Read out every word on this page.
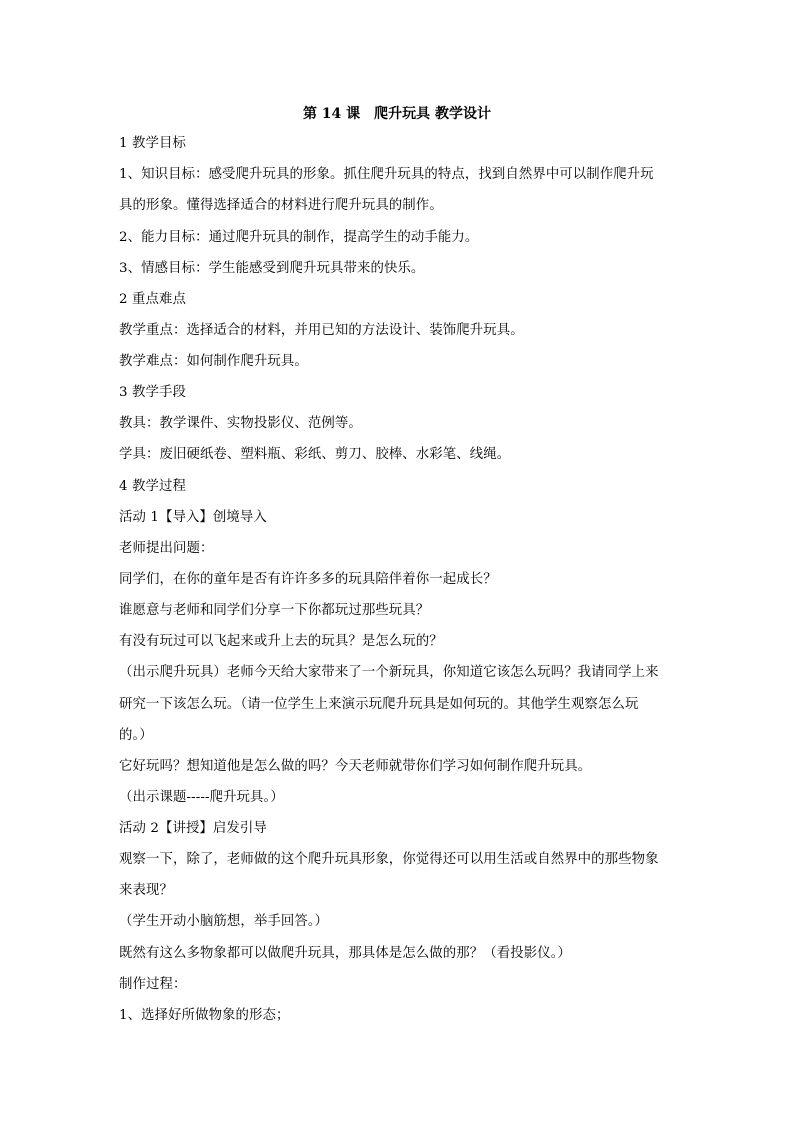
第 14 课　爬升玩具 教学设计
1 教学目标
1、知识目标：感受爬升玩具的形象。抓住爬升玩具的特点，找到自然界中可以制作爬升玩
具的形象。懂得选择适合的材料进行爬升玩具的制作。
2、能力目标：通过爬升玩具的制作，提高学生的动手能力。
3、情感目标：学生能感受到爬升玩具带来的快乐。
2 重点难点
教学重点：选择适合的材料，并用已知的方法设计、装饰爬升玩具。
教学难点：如何制作爬升玩具。
3 教学手段
教具：教学课件、实物投影仪、范例等。
学具：废旧硬纸卷、塑料瓶、彩纸、剪刀、胶棒、水彩笔、线绳。
4 教学过程
活动 1【导入】创境导入
老师提出问题：
同学们，在你的童年是否有许许多多的玩具陪伴着你一起成长？
谁愿意与老师和同学们分享一下你都玩过那些玩具？
有没有玩过可以飞起来或升上去的玩具？是怎么玩的？
（出示爬升玩具）老师今天给大家带来了一个新玩具，你知道它该怎么玩吗？我请同学上来
研究一下该怎么玩。（请一位学生上来演示玩爬升玩具是如何玩的。其他学生观察怎么玩
的。）
它好玩吗？想知道他是怎么做的吗？今天老师就带你们学习如何制作爬升玩具。
（出示课题-----爬升玩具。）
活动 2【讲授】启发引导
观察一下，除了，老师做的这个爬升玩具形象，你觉得还可以用生活或自然界中的那些物象
来表现？
（学生开动小脑筋想，举手回答。）
既然有这么多物象都可以做爬升玩具，那具体是怎么做的那？（看投影仪。）
制作过程：
1、选择好所做物象的形态；
